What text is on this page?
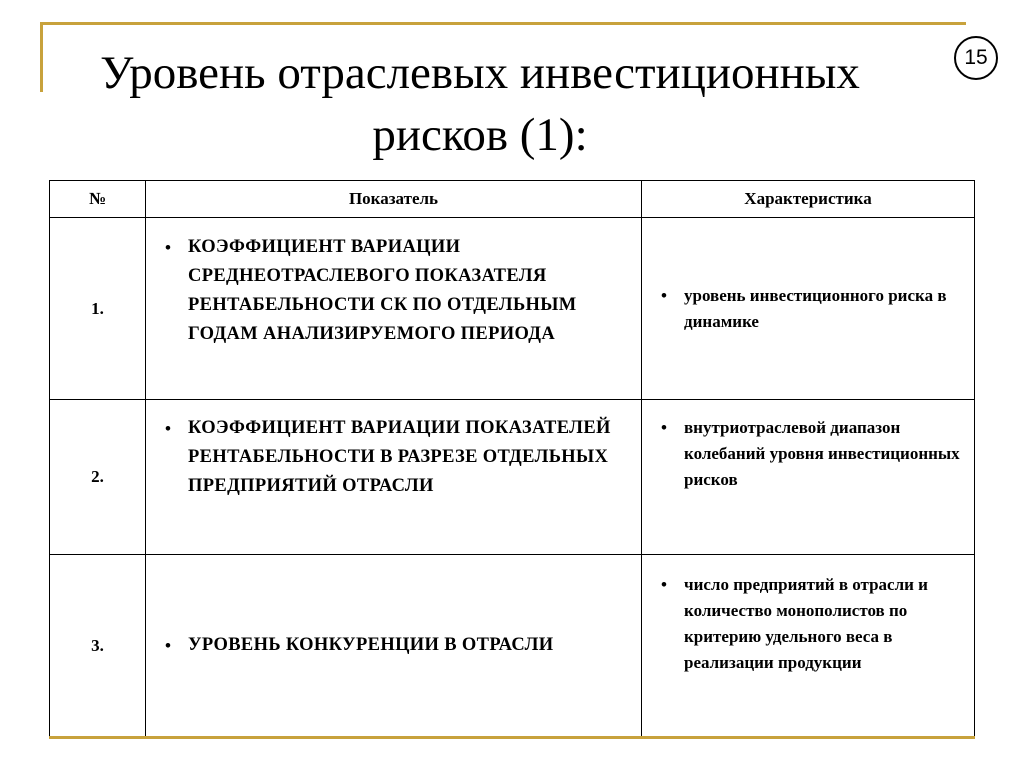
15
Уровень отраслевых инвестиционных
рисков (1):
№	Показатель	Характеристика
1.	• КОЭФФИЦИЕНТ ВАРИАЦИИ СРЕДНЕОТРАСЛЕВОГО ПОКАЗАТЕЛЯ РЕНТАБЕЛЬНОСТИ СК ПО ОТДЕЛЬНЫМ ГОДАМ АНАЛИЗИРУЕМОГО ПЕРИОДА	• уровень инвестиционного риска в динамике

2.	• КОЭФФИЦИЕНТ ВАРИАЦИИ ПОКАЗАТЕЛЕЙ РЕНТАБЕЛЬНОСТИ В РАЗРЕЗЕ ОТДЕЛЬНЫХ ПРЕДПРИЯТИЙ ОТРАСЛИ	• внутриотраслевой диапазон колебаний уровня инвестиционных рисков

3.	• УРОВЕНЬ КОНКУРЕНЦИИ В ОТРАСЛИ	• число предприятий в отрасли и количество монополистов по критерию удельного веса в реализации продукции
